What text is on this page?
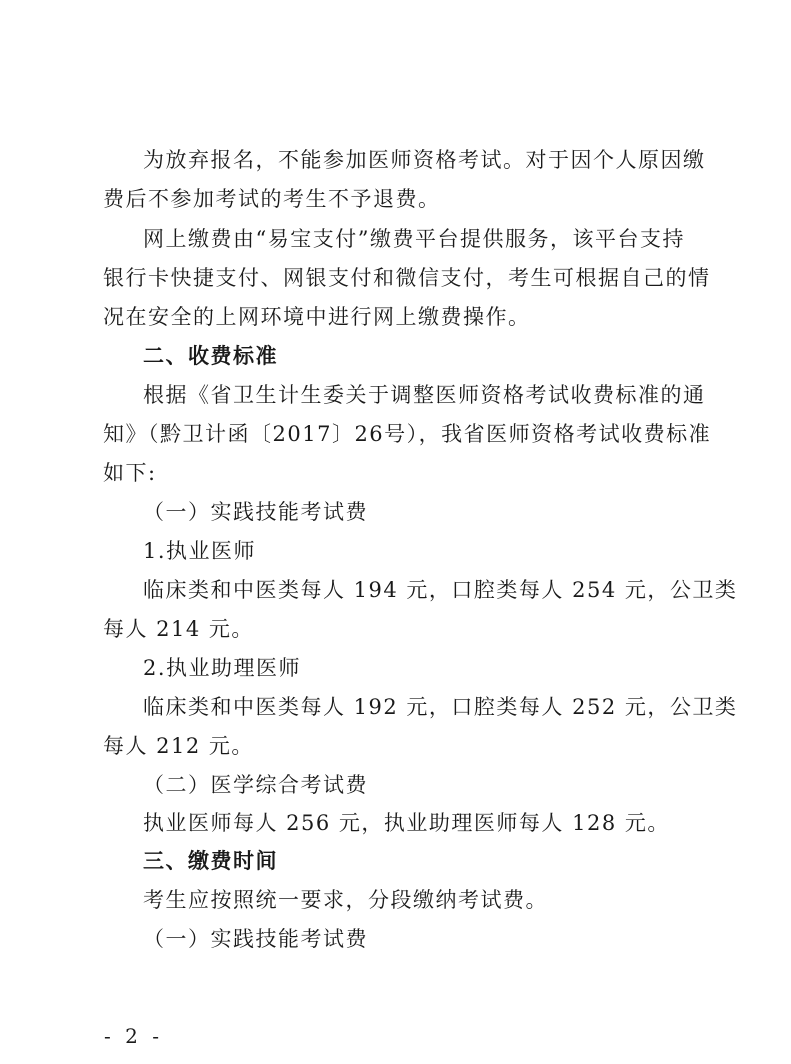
为放弃报名，不能参加医师资格考试。对于因个人原因缴
费后不参加考试的考生不予退费。
网上缴费由“易宝支付”缴费平台提供服务，该平台支持
银行卡快捷支付、网银支付和微信支付，考生可根据自己的情
况在安全的上网环境中进行网上缴费操作。
二、收费标准
根据《省卫生计生委关于调整医师资格考试收费标准的通
知》（黔卫计函〔2017〕26号），我省医师资格考试收费标准
如下:
（一）实践技能考试费
1.执业医师
临床类和中医类每人 194 元，口腔类每人 254 元，公卫类
每人 214 元。
2.执业助理医师
临床类和中医类每人 192 元，口腔类每人 252 元，公卫类
每人 212 元。
（二）医学综合考试费
执业医师每人 256 元，执业助理医师每人 128 元。
三、缴费时间
考生应按照统一要求，分段缴纳考试费。
（一）实践技能考试费
- 2 -
